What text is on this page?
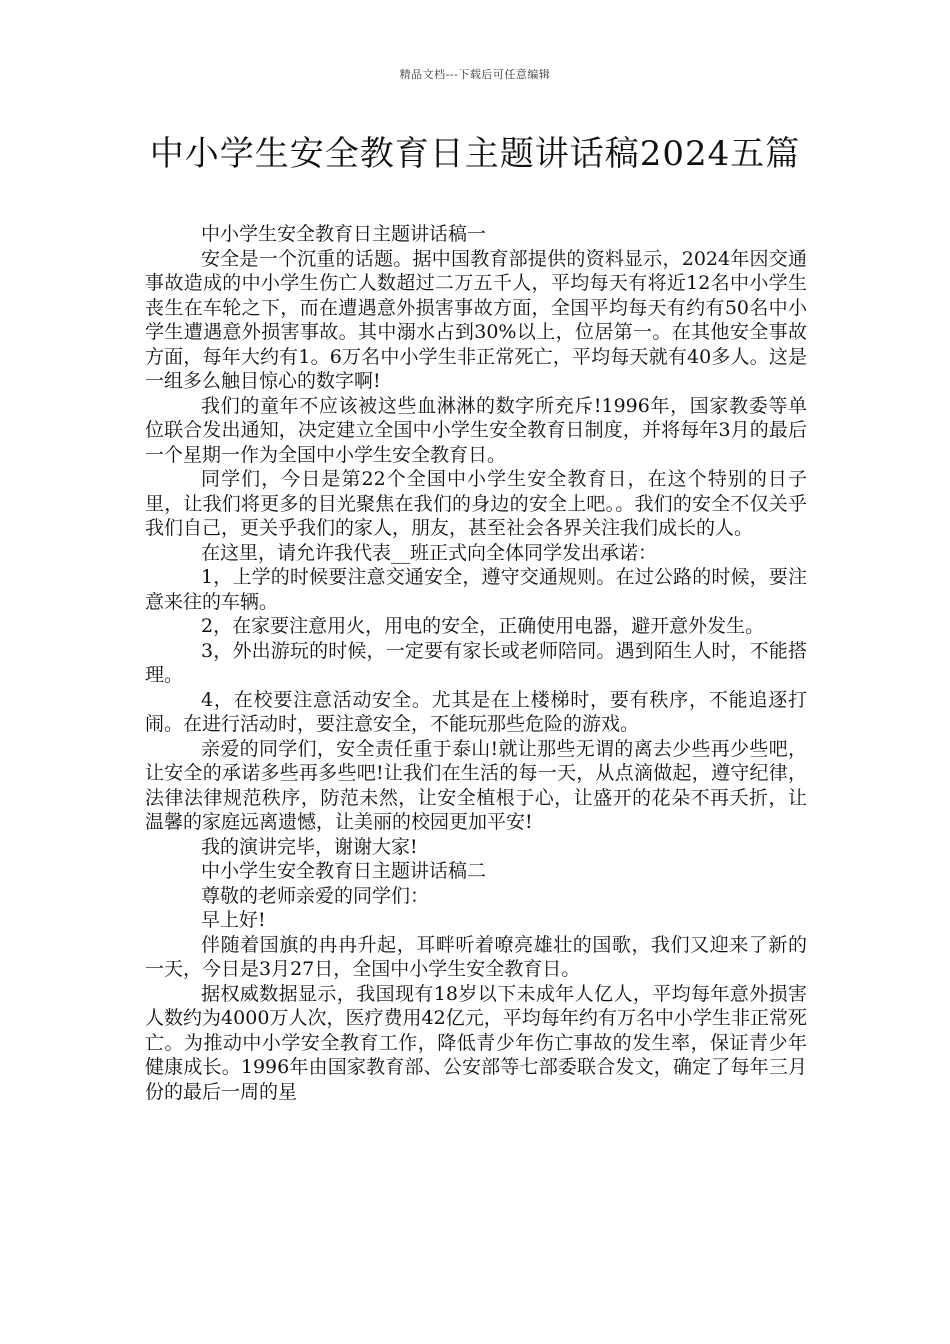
精品文档---下载后可任意编辑
中小学生安全教育日主题讲话稿2024五篇

中小学生安全教育日主题讲话稿一

安全是一个沉重的话题。据中国教育部提供的资料显示，2024年因交通事故造成的中小学生伤亡人数超过二万五千人，平均每天有将近12名中小学生丧生在车轮之下，而在遭遇意外损害事故方面，全国平均每天有约有50名中小学生遭遇意外损害事故。其中溺水占到30%以上，位居第一。在其他安全事故方面，每年大约有1。6万名中小学生非正常死亡，平均每天就有40多人。这是一组多么触目惊心的数字啊!

我们的童年不应该被这些血淋淋的数字所充斥!1996年，国家教委等单位联合发出通知，决定建立全国中小学生安全教育日制度，并将每年3月的最后一个星期一作为全国中小学生安全教育日。

同学们，今日是第22个全国中小学生安全教育日，在这个特别的日子里，让我们将更多的目光聚焦在我们的身边的安全上吧。。我们的安全不仅关乎我们自己，更关乎我们的家人，朋友，甚至社会各界关注我们成长的人。

在这里，请允许我代表__班正式向全体同学发出承诺：

1，上学的时候要注意交通安全，遵守交通规则。在过公路的时候，要注意来往的车辆。

2，在家要注意用火，用电的安全，正确使用电器，避开意外发生。

3，外出游玩的时候，一定要有家长或老师陪同。遇到陌生人时，不能搭理。

4，在校要注意活动安全。尤其是在上楼梯时，要有秩序，不能追逐打闹。在进行活动时，要注意安全，不能玩那些危险的游戏。

亲爱的同学们，安全责任重于泰山!就让那些无谓的离去少些再少些吧，让安全的承诺多些再多些吧!让我们在生活的每一天，从点滴做起，遵守纪律，法律法律规范秩序，防范未然，让安全植根于心，让盛开的花朵不再夭折，让温馨的家庭远离遗憾，让美丽的校园更加平安!

我的演讲完毕，谢谢大家!

中小学生安全教育日主题讲话稿二

尊敬的老师亲爱的同学们：

早上好!

伴随着国旗的冉冉升起，耳畔听着嘹亮雄壮的国歌，我们又迎来了新的一天，今日是3月27日，全国中小学生安全教育日。

据权威数据显示，我国现有18岁以下未成年人亿人，平均每年意外损害人数约为4000万人次，医疗费用42亿元，平均每年约有万名中小学生非正常死亡。为推动中小学安全教育工作，降低青少年伤亡事故的发生率，保证青少年健康成长。1996年由国家教育部、公安部等七部委联合发文，确定了每年三月份的最后一周的星
